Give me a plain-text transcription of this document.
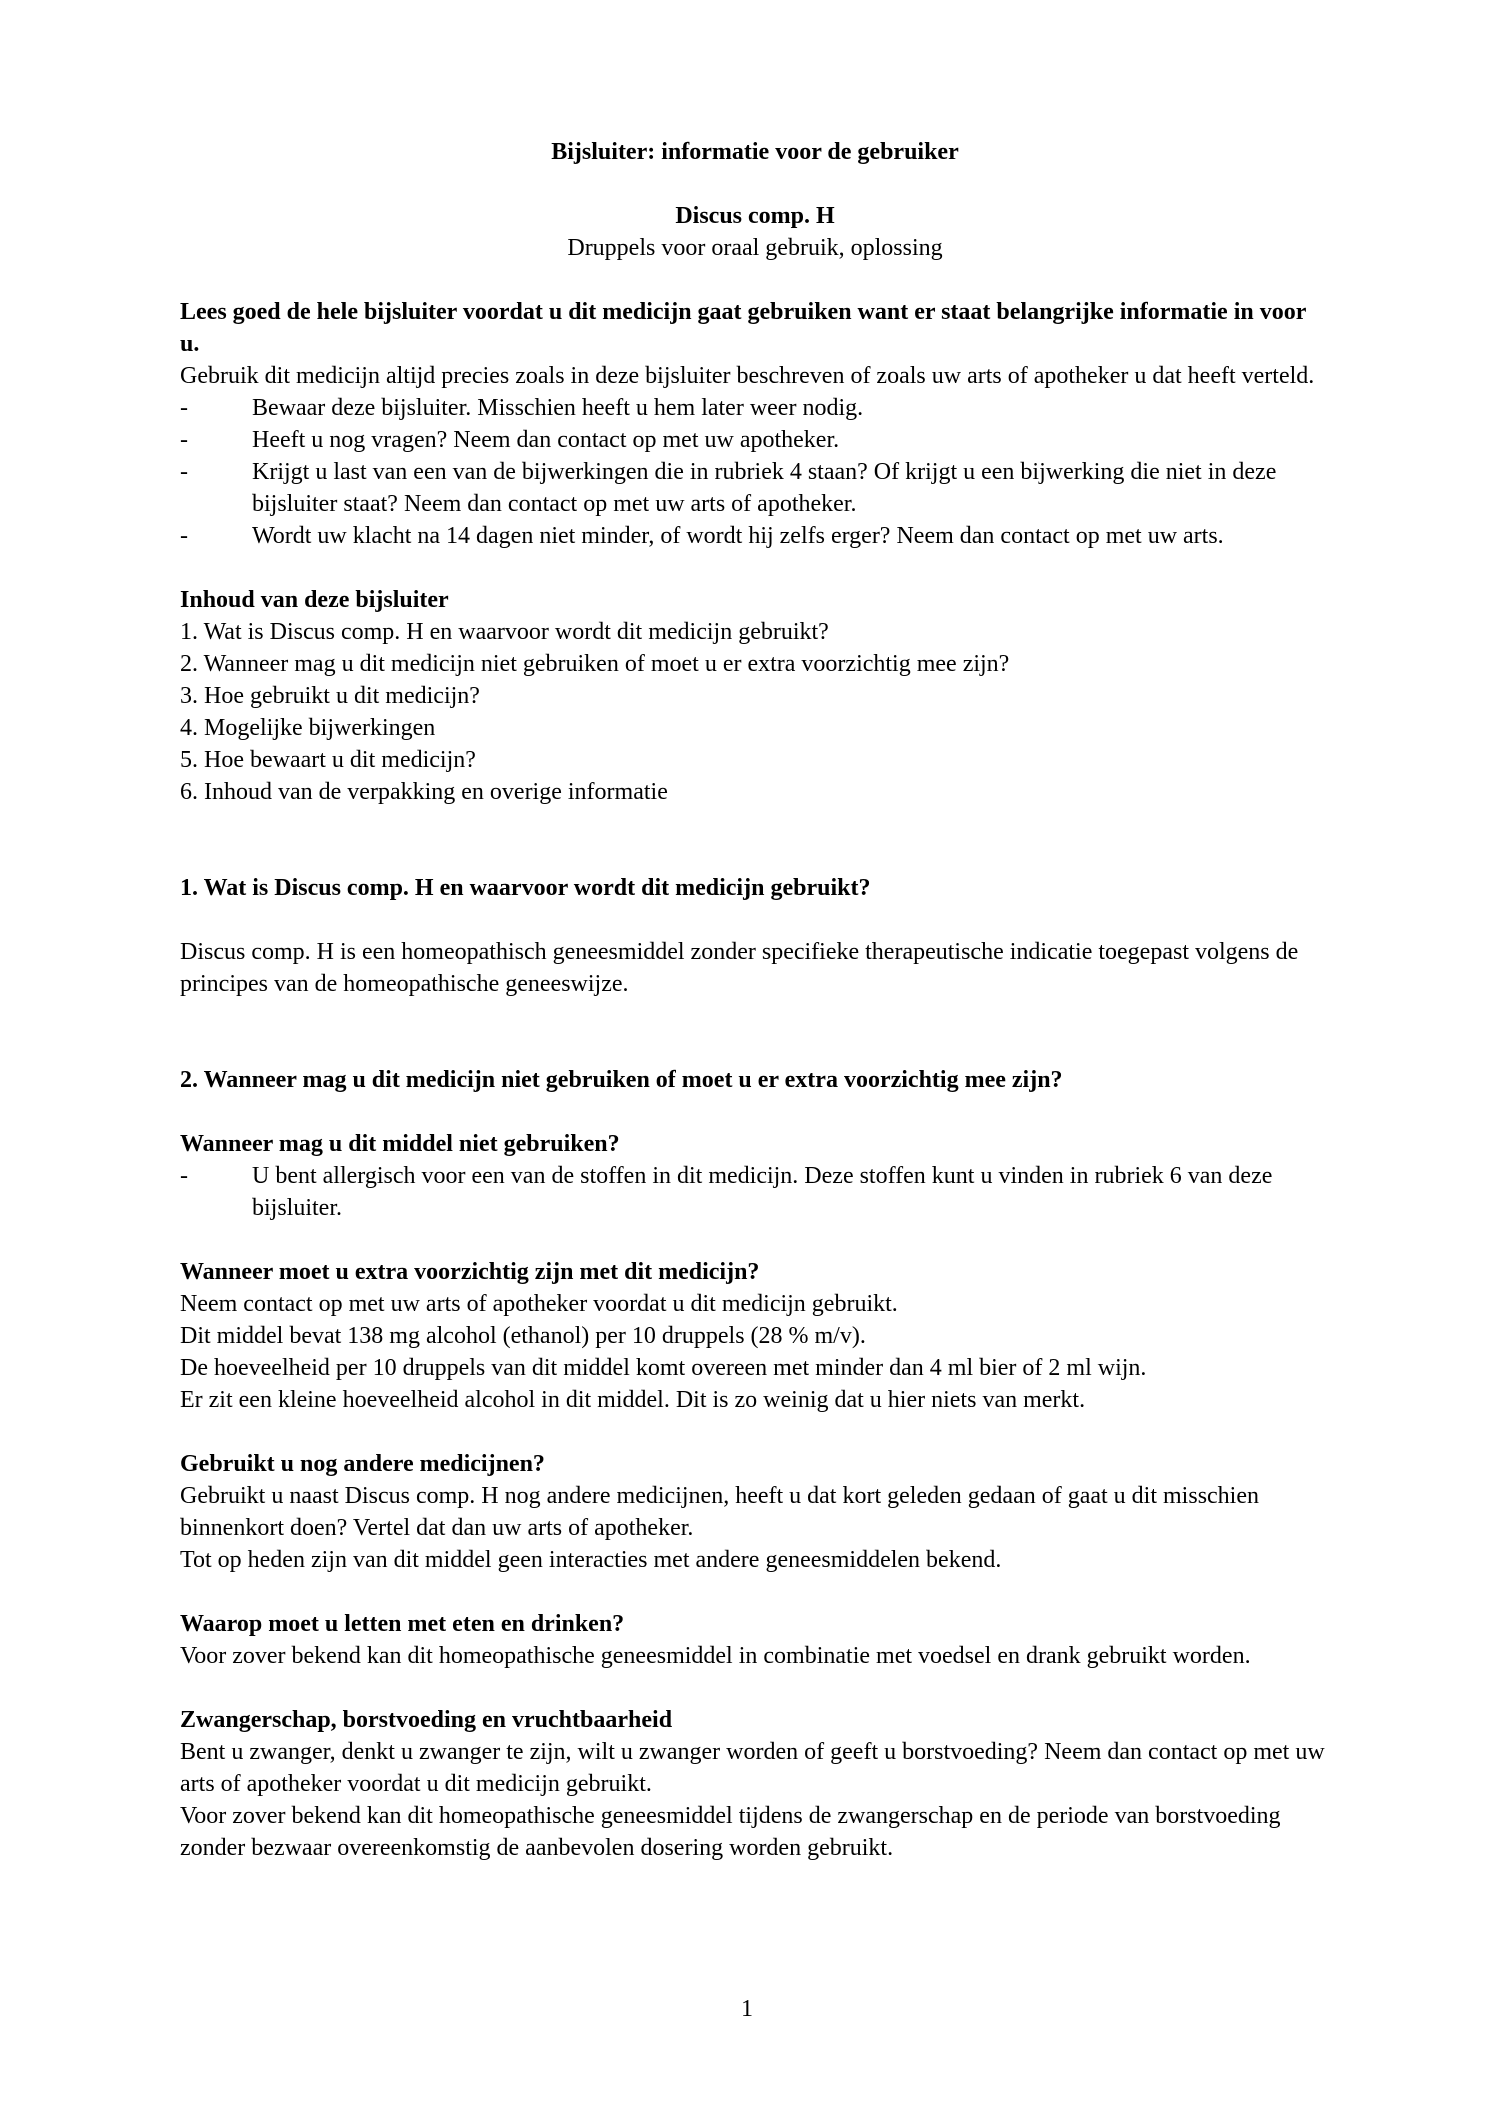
Bijsluiter: informatie voor de gebruiker
Discus comp. H
Druppels voor oraal gebruik, oplossing
Lees goed de hele bijsluiter voordat u dit medicijn gaat gebruiken want er staat belangrijke informatie in voor u.
Gebruik dit medicijn altijd precies zoals in deze bijsluiter beschreven of zoals uw arts of apotheker u dat heeft verteld.
-	Bewaar deze bijsluiter. Misschien heeft u hem later weer nodig.
-	Heeft u nog vragen? Neem dan contact op met uw apotheker.
-	Krijgt u last van een van de bijwerkingen die in rubriek 4 staan? Of krijgt u een bijwerking die niet in deze bijsluiter staat? Neem dan contact op met uw arts of apotheker.
-	Wordt uw klacht na 14 dagen niet minder, of wordt hij zelfs erger? Neem dan contact op met uw arts.
Inhoud van deze bijsluiter
1. Wat is Discus comp. H en waarvoor wordt dit medicijn gebruikt?
2. Wanneer mag u dit medicijn niet gebruiken of moet u er extra voorzichtig mee zijn?
3. Hoe gebruikt u dit medicijn?
4. Mogelijke bijwerkingen
5. Hoe bewaart u dit medicijn?
6. Inhoud van de verpakking en overige informatie
1. Wat is Discus comp. H en waarvoor wordt dit medicijn gebruikt?
Discus comp. H is een homeopathisch geneesmiddel zonder specifieke therapeutische indicatie toegepast volgens de principes van de homeopathische geneeswijze.
2. Wanneer mag u dit medicijn niet gebruiken of moet u er extra voorzichtig mee zijn?
Wanneer mag u dit middel niet gebruiken?
-	U bent allergisch voor een van de stoffen in dit medicijn. Deze stoffen kunt u vinden in rubriek 6 van deze bijsluiter.
Wanneer moet u extra voorzichtig zijn met dit medicijn?
Neem contact op met uw arts of apotheker voordat u dit medicijn gebruikt.
Dit middel bevat 138 mg alcohol (ethanol) per 10 druppels (28 % m/v).
De hoeveelheid per 10 druppels van dit middel komt overeen met minder dan 4 ml bier of 2 ml wijn.
Er zit een kleine hoeveelheid alcohol in dit middel. Dit is zo weinig dat u hier niets van merkt.
Gebruikt u nog andere medicijnen?
Gebruikt u naast Discus comp. H nog andere medicijnen, heeft u dat kort geleden gedaan of gaat u dit misschien binnenkort doen? Vertel dat dan uw arts of apotheker.
Tot op heden zijn van dit middel geen interacties met andere geneesmiddelen bekend.
Waarop moet u letten met eten en drinken?
Voor zover bekend kan dit homeopathische geneesmiddel in combinatie met voedsel en drank gebruikt worden.
Zwangerschap, borstvoeding en vruchtbaarheid
Bent u zwanger, denkt u zwanger te zijn, wilt u zwanger worden of geeft u borstvoeding? Neem dan contact op met uw arts of apotheker voordat u dit medicijn gebruikt.
Voor zover bekend kan dit homeopathische geneesmiddel tijdens de zwangerschap en de periode van borstvoeding zonder bezwaar overeenkomstig de aanbevolen dosering worden gebruikt.
1
